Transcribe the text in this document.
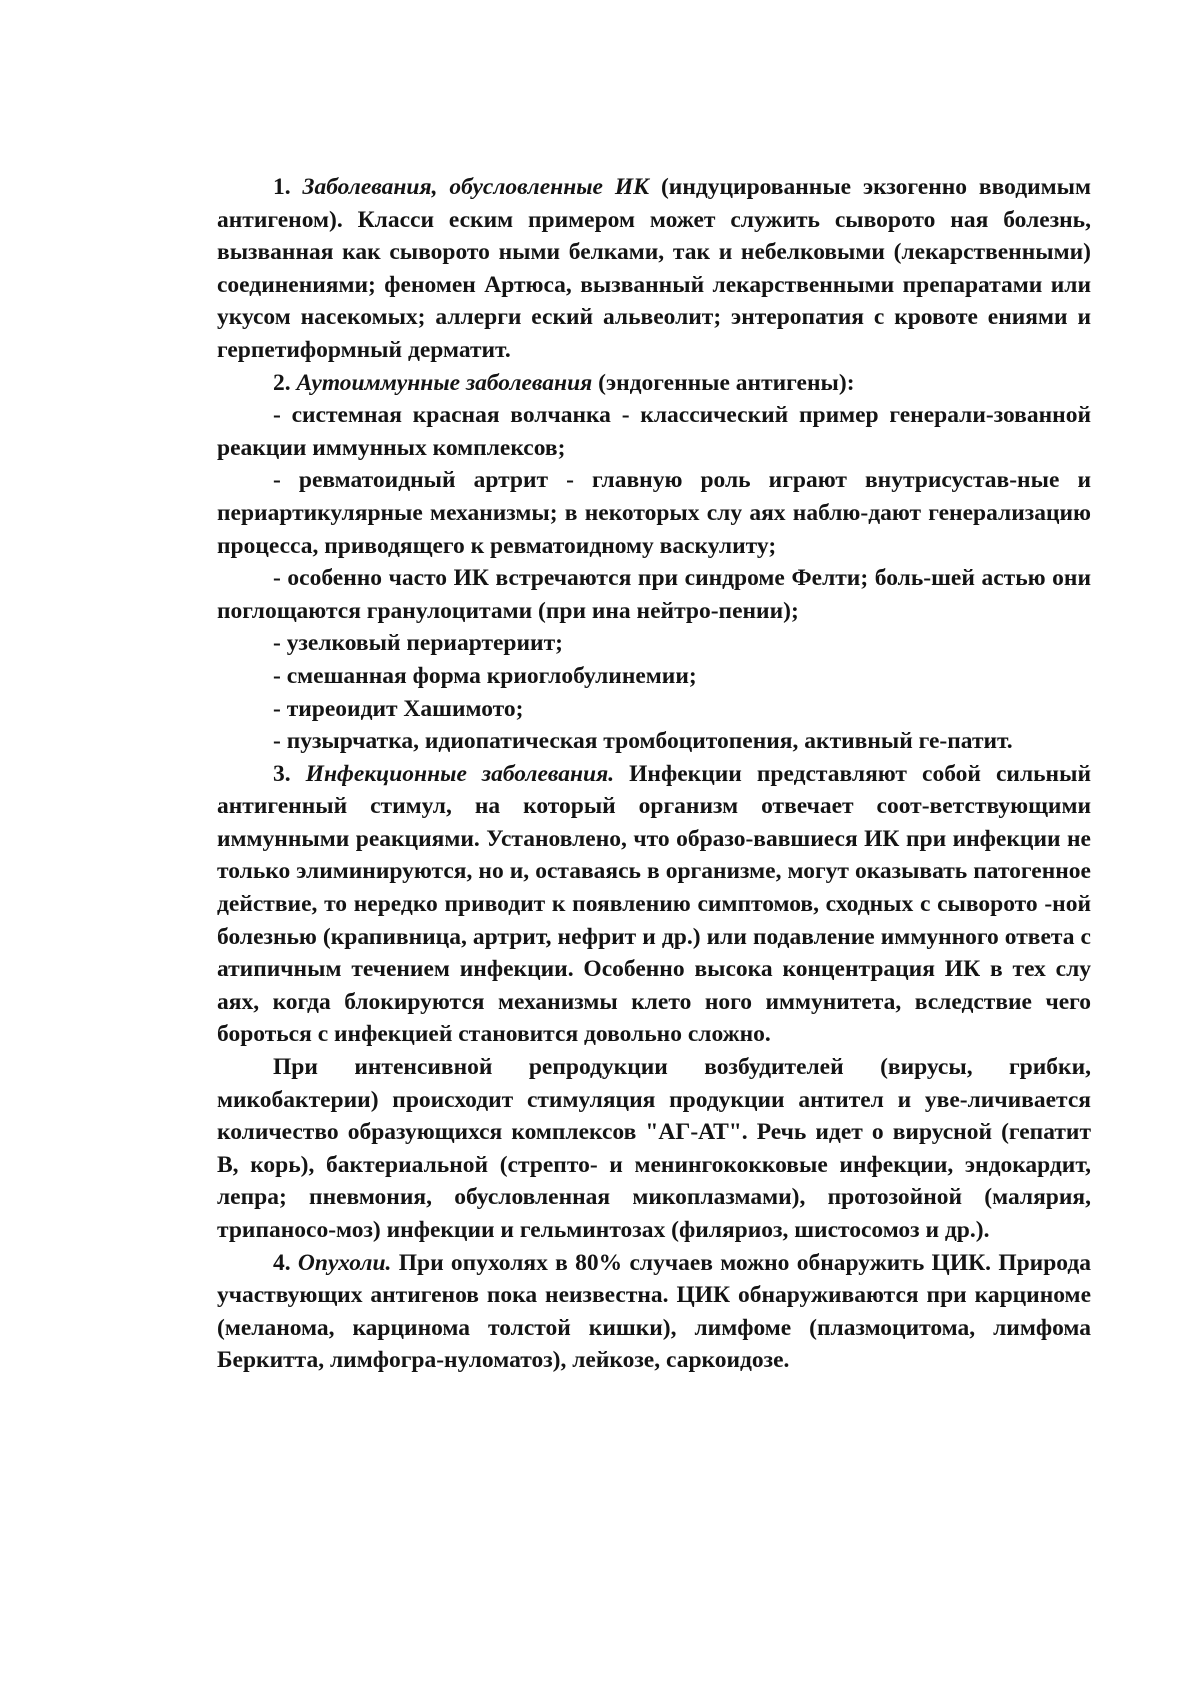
1. Заболевания, обусловленные ИК (индуцированные экзогенно вводимым антигеном). Класси еским примером может служить сыворото ная болезнь, вызванная как сыворото ными белками, так и небелковыми (лекарственными) соединениями; феномен Артюса, вызванный лекарственными препаратами или укусом насекомых; аллерги еский альвеолит; энтеропатия с кровоте ениями и герпетиформный дерматит.

2. Аутоиммунные заболевания (эндогенные антигены):

- системная красная волчанка - классический пример генерали-зованной реакции иммунных комплексов;

- ревматоидный артрит - главную роль играют внутрисустав-ные и периартикулярные механизмы; в некоторых слу аях наблю-дают генерализацию процесса, приводящего к ревматоидному васкулиту;

- особенно часто ИК встречаются при синдроме Фелти; боль-шей астью они поглощаются гранулоцитами (при ина нейтро-пении);

- узелковый периартериит;

- смешанная форма криоглобулинемии;

- тиреоидит Хашимото;

- пузырчатка, идиопатическая тромбоцитопения, активный ге-патит.

3. Инфекционные заболевания. Инфекции представляют собой сильный антигенный стимул, на который организм отвечает соот-ветствующими иммунными реакциями. Установлено, что образо-вавшиеся ИК при инфекции не только элиминируются, но и, оставаясь в организме, могут оказывать патогенное действие, то нередко приводит к появлению симптомов, сходных с сыворото -ной болезнью (крапивница, артрит, нефрит и др.) или подавление иммунного ответа с атипичным течением инфекции. Особенно высока концентрация ИК в тех слу аях, когда блокируются механизмы клето ного иммунитета, вследствие чего бороться с инфекцией становится довольно сложно.

При интенсивной репродукции возбудителей (вирусы, грибки, микобактерии) происходит стимуляция продукции антител и уве-личивается количество образующихся комплексов "АГ-АТ". Речь идет о вирусной (гепатит В, корь), бактериальной (стрепто- и менингококковые инфекции, эндокардит, лепра; пневмония, обусловленная микоплазмами), протозойной (малярия, трипаносо-моз) инфекции и гельминтозах (филяриоз, шистосомоз и др.).

4. Опухоли. При опухолях в 80% случаев можно обнаружить ЦИК. Природа участвующих антигенов пока неизвестна. ЦИК обнаруживаются при карциноме (меланома, карцинома толстой кишки), лимфоме (плазмоцитома, лимфома Беркитта, лимфогра-нуломатоз), лейкозе, саркоидозе.
